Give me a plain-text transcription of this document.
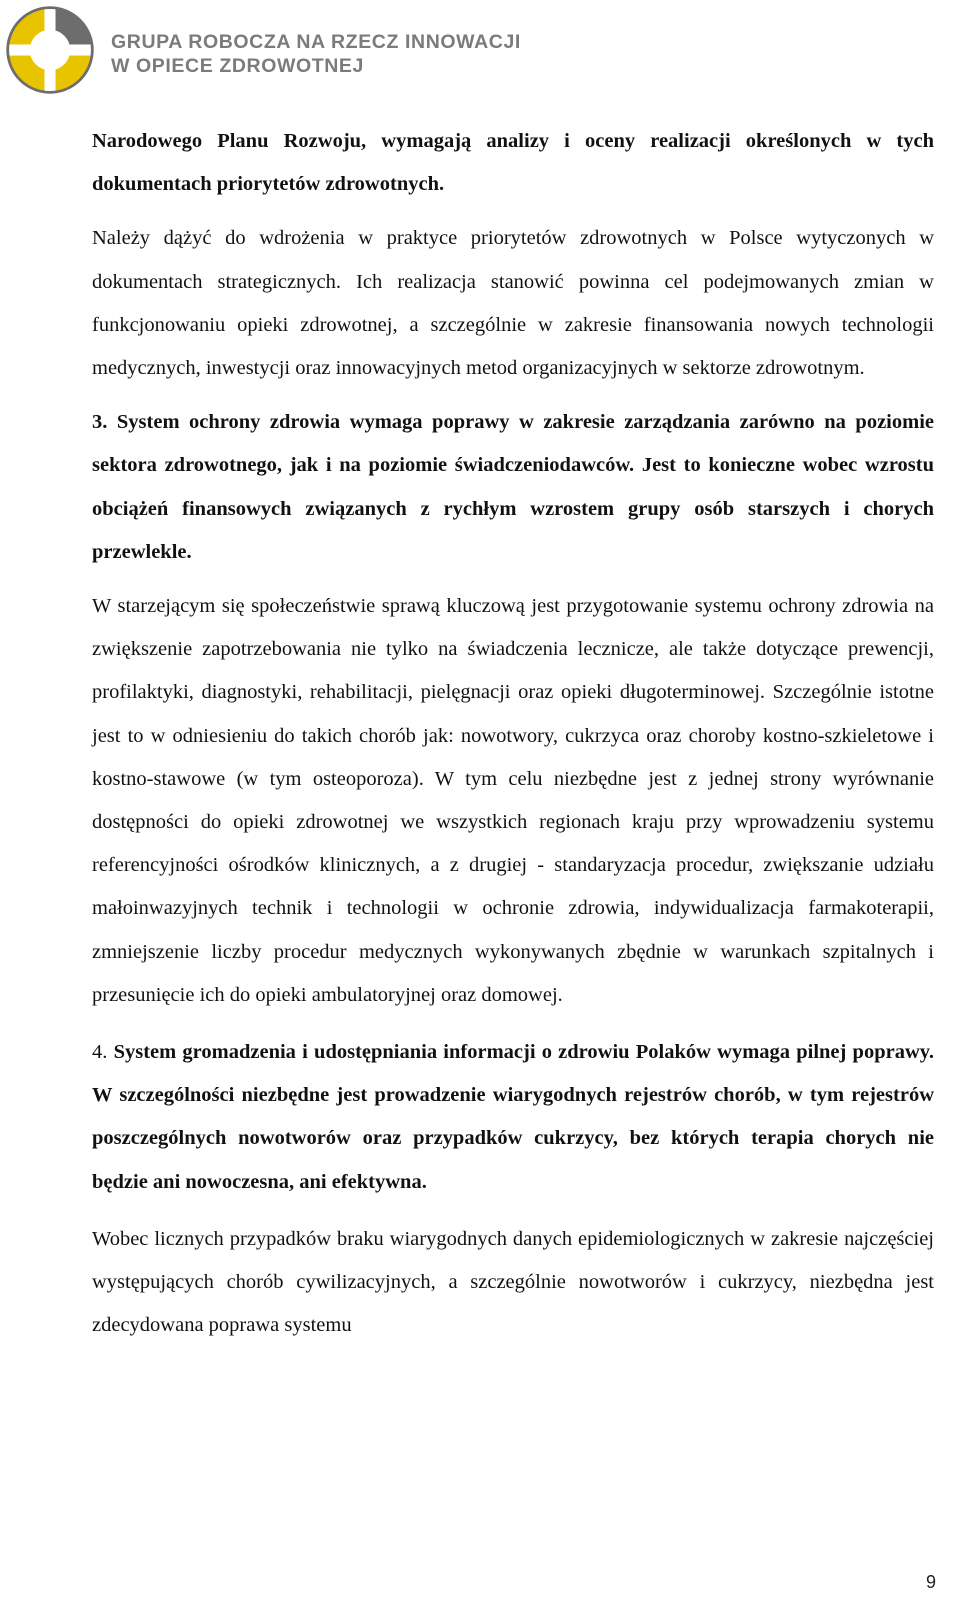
GRUPA ROBOCZA NA RZECZ INNOWACJI
W OPIECE ZDROWOTNEJ

Narodowego Planu Rozwoju, wymagają analizy i oceny realizacji określonych w tych dokumentach priorytetów zdrowotnych.

Należy dążyć do wdrożenia w praktyce priorytetów zdrowotnych w Polsce wytyczonych w dokumentach strategicznych. Ich realizacja stanowić powinna cel podejmowanych zmian w funkcjonowaniu opieki zdrowotnej, a szczególnie w zakresie finansowania nowych technologii medycznych, inwestycji oraz innowacyjnych metod organizacyjnych w sektorze zdrowotnym.

3. System ochrony zdrowia wymaga poprawy w zakresie zarządzania zarówno na poziomie sektora zdrowotnego, jak i na poziomie świadczeniodawców. Jest to konieczne wobec wzrostu obciążeń finansowych związanych z rychłym wzrostem grupy osób starszych i chorych przewlekle.

W starzejącym się społeczeństwie sprawą kluczową jest przygotowanie systemu ochrony zdrowia na zwiększenie zapotrzebowania nie tylko na świadczenia lecznicze, ale także dotyczące prewencji, profilaktyki, diagnostyki, rehabilitacji, pielęgnacji oraz opieki długoterminowej. Szczególnie istotne jest to w odniesieniu do takich chorób jak: nowotwory, cukrzyca oraz choroby kostno-szkieletowe i kostno-stawowe (w tym osteoporoza). W tym celu niezbędne jest z jednej strony wyrównanie dostępności do opieki zdrowotnej we wszystkich regionach kraju przy wprowadzeniu systemu referencyjności ośrodków klinicznych, a z drugiej - standaryzacja procedur, zwiększanie udziału małoinwazyjnych technik i technologii w ochronie zdrowia, indywidualizacja farmakoterapii, zmniejszenie liczby procedur medycznych wykonywanych zbędnie w warunkach szpitalnych i przesunięcie ich do opieki ambulatoryjnej oraz domowej.

4. System gromadzenia i udostępniania informacji o zdrowiu Polaków wymaga pilnej poprawy. W szczególności niezbędne jest prowadzenie wiarygodnych rejestrów chorób, w tym rejestrów poszczególnych nowotworów oraz przypadków cukrzycy, bez których terapia chorych nie będzie ani nowoczesna, ani efektywna.

Wobec licznych przypadków braku wiarygodnych danych epidemiologicznych w zakresie najczęściej występujących chorób cywilizacyjnych, a szczególnie nowotworów i cukrzycy, niezbędna jest zdecydowana poprawa systemu

9
